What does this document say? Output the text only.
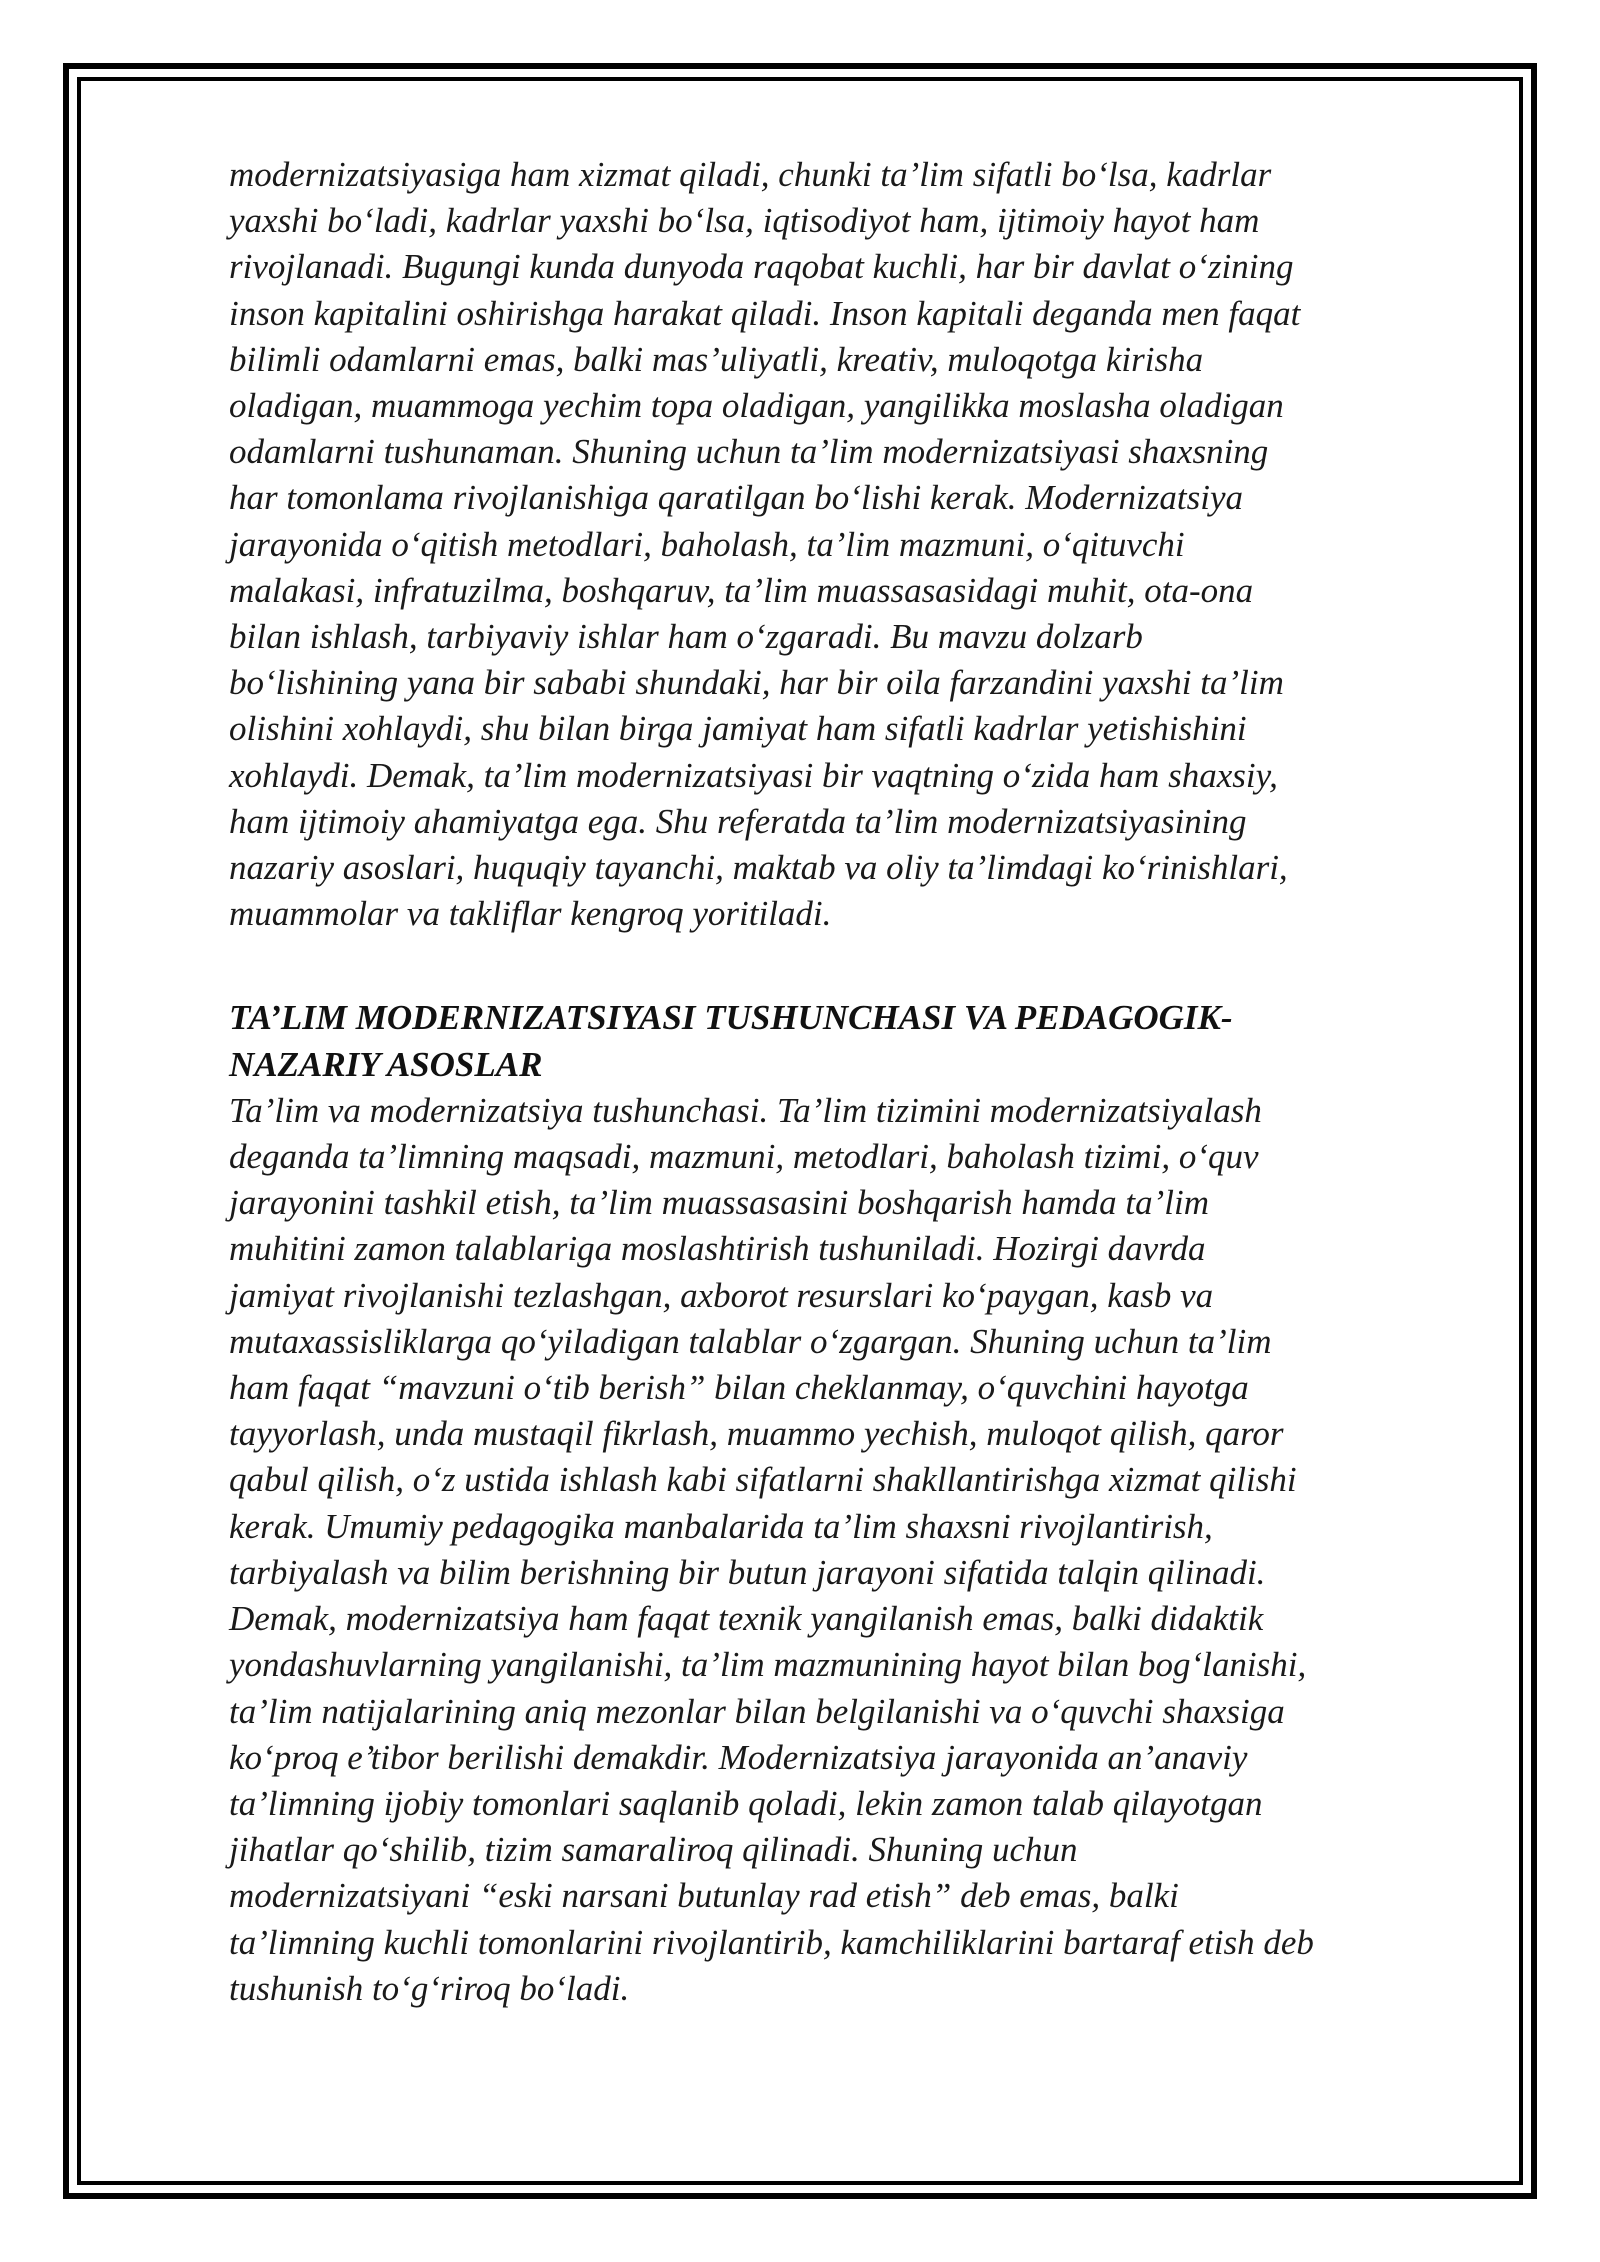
modernizatsiyasiga ham xizmat qiladi, chunki ta’lim sifatli bo‘lsa, kadrlar
yaxshi bo‘ladi, kadrlar yaxshi bo‘lsa, iqtisodiyot ham, ijtimoiy hayot ham
rivojlanadi. Bugungi kunda dunyoda raqobat kuchli, har bir davlat o‘zining
inson kapitalini oshirishga harakat qiladi. Inson kapitali deganda men faqat
bilimli odamlarni emas, balki mas’uliyatli, kreativ, muloqotga kirisha
oladigan, muammoga yechim topa oladigan, yangilikka moslasha oladigan
odamlarni tushunaman. Shuning uchun ta’lim modernizatsiyasi shaxsning
har tomonlama rivojlanishiga qaratilgan bo‘lishi kerak. Modernizatsiya
jarayonida o‘qitish metodlari, baholash, ta’lim mazmuni, o‘qituvchi
malakasi, infratuzilma, boshqaruv, ta’lim muassasasidagi muhit, ota-ona
bilan ishlash, tarbiyaviy ishlar ham o‘zgaradi. Bu mavzu dolzarb
bo‘lishining yana bir sababi shundaki, har bir oila farzandini yaxshi ta’lim
olishini xohlaydi, shu bilan birga jamiyat ham sifatli kadrlar yetishishini
xohlaydi. Demak, ta’lim modernizatsiyasi bir vaqtning o‘zida ham shaxsiy,
ham ijtimoiy ahamiyatga ega. Shu referatda ta’lim modernizatsiyasining
nazariy asoslari, huquqiy tayanchi, maktab va oliy ta’limdagi ko‘rinishlari,
muammolar va takliflar kengroq yoritiladi.

TA’LIM MODERNIZATSIYASI TUSHUNCHASI VA PEDAGOGIK-
NAZARIY ASOSLAR

Ta’lim va modernizatsiya tushunchasi. Ta’lim tizimini modernizatsiyalash
deganda ta’limning maqsadi, mazmuni, metodlari, baholash tizimi, o‘quv
jarayonini tashkil etish, ta’lim muassasasini boshqarish hamda ta’lim
muhitini zamon talablariga moslashtirish tushuniladi. Hozirgi davrda
jamiyat rivojlanishi tezlashgan, axborot resurslari ko‘paygan, kasb va
mutaxassisliklarga qo‘yiladigan talablar o‘zgargan. Shuning uchun ta’lim
ham faqat “mavzuni o‘tib berish” bilan cheklanmay, o‘quvchini hayotga
tayyorlash, unda mustaqil fikrlash, muammo yechish, muloqot qilish, qaror
qabul qilish, o‘z ustida ishlash kabi sifatlarni shakllantirishga xizmat qilishi
kerak. Umumiy pedagogika manbalarida ta’lim shaxsni rivojlantirish,
tarbiyalash va bilim berishning bir butun jarayoni sifatida talqin qilinadi.
Demak, modernizatsiya ham faqat texnik yangilanish emas, balki didaktik
yondashuvlarning yangilanishi, ta’lim mazmunining hayot bilan bog‘lanishi,
ta’lim natijalarining aniq mezonlar bilan belgilanishi va o‘quvchi shaxsiga
ko‘proq e’tibor berilishi demakdir. Modernizatsiya jarayonida an’anaviy
ta’limning ijobiy tomonlari saqlanib qoladi, lekin zamon talab qilayotgan
jihatlar qo‘shilib, tizim samaraliroq qilinadi. Shuning uchun
modernizatsiyani “eski narsani butunlay rad etish” deb emas, balki
ta’limning kuchli tomonlarini rivojlantirib, kamchiliklarini bartaraf etish deb
tushunish to‘g‘riroq bo‘ladi.
